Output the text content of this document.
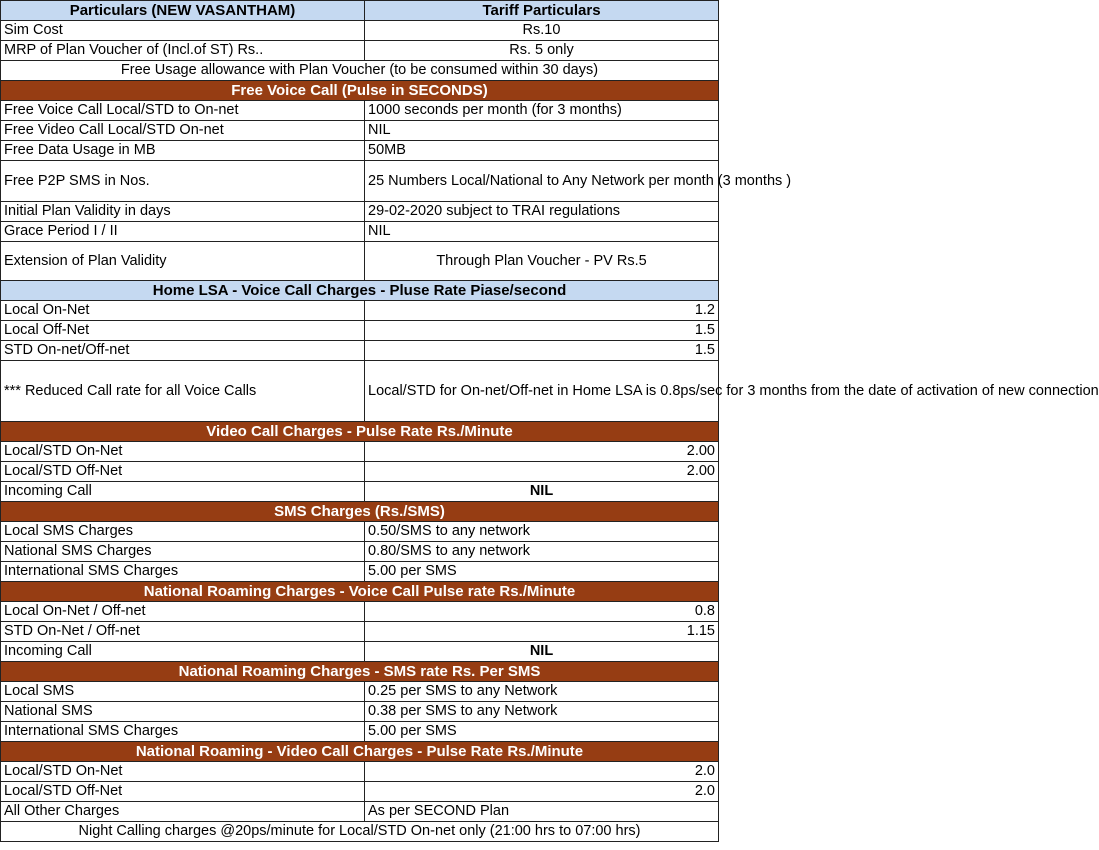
Particulars (NEW VASANTHAM)	Tariff Particulars
Sim Cost	Rs.10
MRP of Plan Voucher of (Incl.of ST) Rs..	Rs. 5 only
Free Usage allowance with Plan Voucher (to be consumed within 30 days)	
Free Voice Call (Pulse in SECONDS)	
Free Voice Call Local/STD to On-net	1000 seconds per month (for 3 months)
Free Video Call Local/STD On-net	NIL
Free Data Usage in MB	50MB
Free P2P SMS in Nos.	25 Numbers Local/National to Any Network per month (3 months )
Initial Plan Validity in days	29-02-2020 subject to TRAI regulations
Grace Period I / II	NIL
Extension of Plan Validity	Through Plan Voucher - PV Rs.5
Home LSA - Voice Call Charges - Pluse Rate Piase/second	
Local On-Net	1.2
Local Off-Net	1.5
STD On-net/Off-net	1.5
*** Reduced Call rate for all Voice Calls	Local/STD for On-net/Off-net in Home LSA is 0.8ps/sec for 3 months from the date of activation of new connection
Video Call Charges - Pulse Rate Rs./Minute	
Local/STD On-Net	2.00
Local/STD Off-Net	2.00
Incoming Call	NIL
SMS Charges (Rs./SMS)	
Local SMS Charges	0.50/SMS to any network
National SMS Charges	0.80/SMS to any network
International SMS Charges	5.00 per SMS
National Roaming Charges - Voice Call Pulse rate Rs./Minute	
Local On-Net / Off-net	0.8
STD On-Net / Off-net	1.15
Incoming Call	NIL
National Roaming Charges - SMS rate Rs. Per SMS	
Local SMS	0.25 per SMS to any Network
National SMS	0.38 per SMS to any Network
International SMS Charges	5.00 per SMS
National Roaming - Video Call Charges - Pulse Rate Rs./Minute	
Local/STD On-Net	2.0
Local/STD Off-Net	2.0
All Other Charges	As per SECOND Plan
Night Calling charges @20ps/minute for Local/STD On-net only (21:00 hrs to 07:00 hrs)	
